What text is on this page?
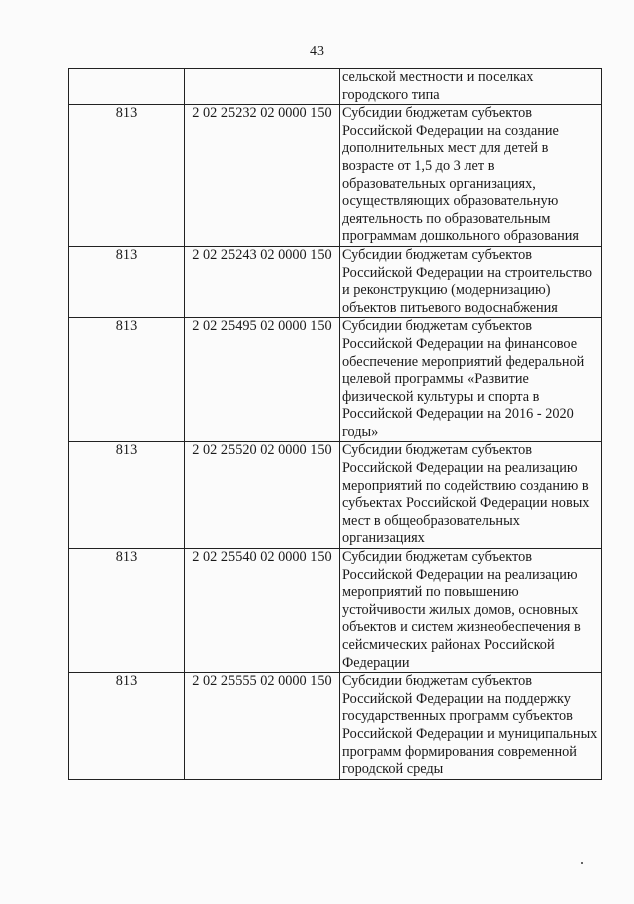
43
		сельской местности и поселках городского типа
813	2 02 25232 02 0000 150	Субсидии бюджетам субъектов Российской Федерации на создание дополнительных мест для детей в возрасте от 1,5 до 3 лет в образовательных организациях, осуществляющих образовательную деятельность по образовательным программам дошкольного образования
813	2 02 25243 02 0000 150	Субсидии бюджетам субъектов Российской Федерации на строительство и реконструкцию (модернизацию) объектов питьевого водоснабжения
813	2 02 25495 02 0000 150	Субсидии бюджетам субъектов Российской Федерации на финансовое обеспечение мероприятий федеральной целевой программы «Развитие физической культуры и спорта в Российской Федерации на 2016 - 2020 годы»
813	2 02 25520 02 0000 150	Субсидии бюджетам субъектов Российской Федерации на реализацию мероприятий по содействию созданию в субъектах Российской Федерации новых мест в общеобразовательных организациях
813	2 02 25540 02 0000 150	Субсидии бюджетам субъектов Российской Федерации на реализацию мероприятий по повышению устойчивости жилых домов, основных объектов и систем жизнеобеспечения в сейсмических районах Российской Федерации
813	2 02 25555 02 0000 150	Субсидии бюджетам субъектов Российской Федерации на поддержку государственных программ субъектов Российской Федерации и муниципальных программ формирования современной городской среды
